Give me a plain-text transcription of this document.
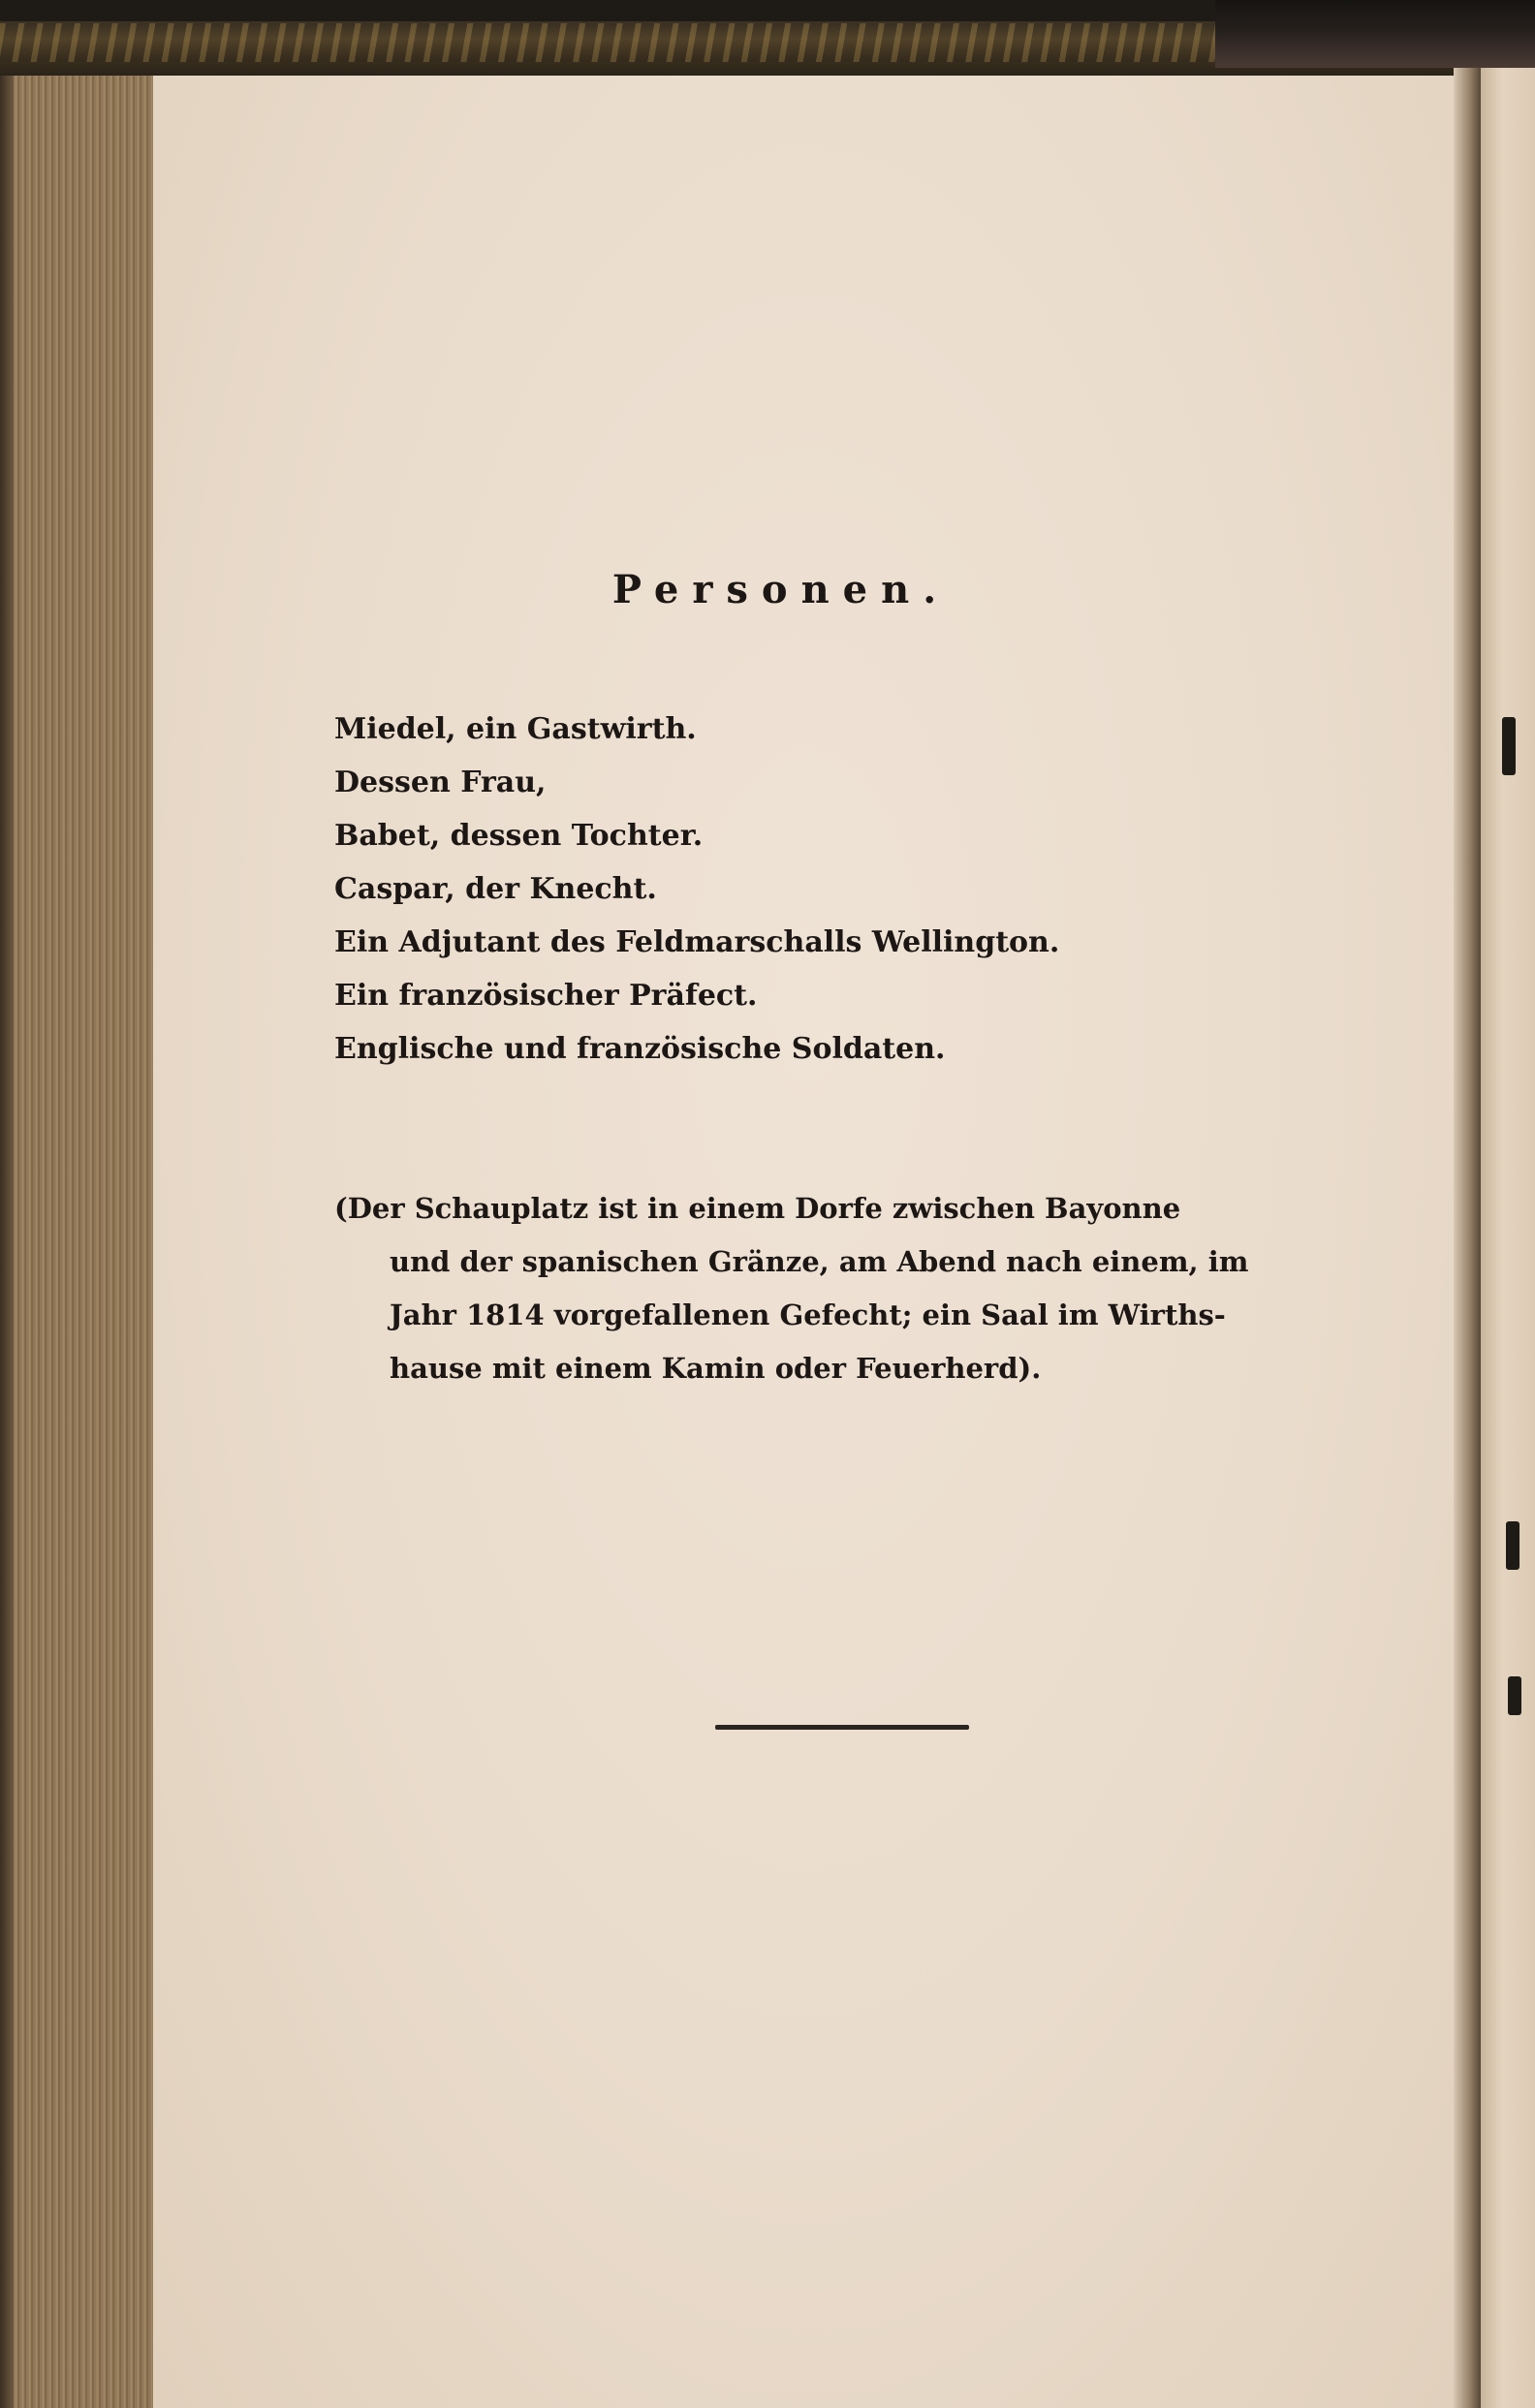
Personen.
Miedel, ein Gastwirth.
Dessen Frau,
Babet, dessen Tochter.
Caspar, der Knecht.
Ein Adjutant des Feldmarschalls Wellington.
Ein französischer Präfect.
Englische und französische Soldaten.
(Der Schauplatz ist in einem Dorfe zwischen Bayonne
und der spanischen Gränze, am Abend nach einem, im
Jahr 1814 vorgefallenen Gefecht; ein Saal im Wirths-
hause mit einem Kamin oder Feuerherd).
